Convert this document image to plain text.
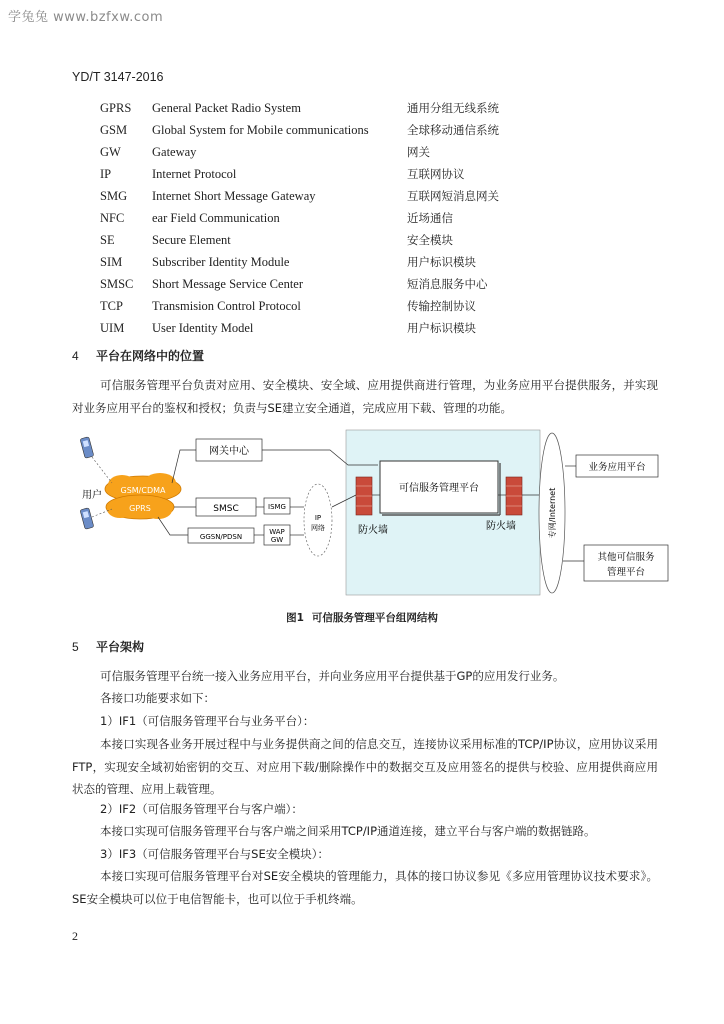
学兔兔 www.bzfxw.com
YD/T 3147-2016
GPRS General Packet Radio System	通用分组无线系统
GSM Global System for Mobile communications	全球移动通信系统
GW Gateway	网关
IP	Internet Protocol	互联网协议
SMG Internet Short Message Gateway	互联网短消息网关
NFC ear Field Communication	近场通信
SE	Secure Element	安全模块
SIM Subscriber Identity Module	用户标识模块
SMSC Short Message Service Center	短消息服务中心
TCP Transmision Control Protocol	传输控制协议
UIM User Identity Model	用户标识模块
4 平台在网络中的位置
可信服务管理平台负责对应用、安全模块、安全域、应用提供商进行管理，为业务应用平台提供服务，并实现对业务应用平台的鉴权和授权；负责与SE建立安全通道，完成应用下载、管理的功能。
用户 GSM/CDMA
GPRS
网关中心
SMSC	ISMG
GGSN/PDSN
WAP
GW
IP
网络	防火墙
可信服务管理平台
防火墙	专网/Internet
业务应用平台
其他可信服务
管理平台
图1 可信服务管理平台组网结构
5 平台架构
可信服务管理平台统一接入业务应用平台，并向业务应用平台提供基于GP的应用发行业务。
各接口功能要求如下：
1）IF1（可信服务管理平台与业务平台）：
本接口实现各业务开展过程中与业务提供商之间的信息交互，连接协议采用标准的TCP/IP协议，应用协议采用FTP，实现安全域初始密钥的交互、对应用下载/删除操作中的数据交互及应用签名的提供与校验、应用提供商应用状态的管理、应用上载管理。
2）IF2（可信服务管理平台与客户端）：
本接口实现可信服务管理平台与客户端之间采用TCP/IP通道连接，建立平台与客户端的数据链路。
3）IF3（可信服务管理平台与SE安全模块）：
本接口实现可信服务管理平台对SE安全模块的管理能力，具体的接口协议参见《多应用管理协议技术要求》。SE安全模块可以位于电信智能卡，也可以位于手机终端。
2
